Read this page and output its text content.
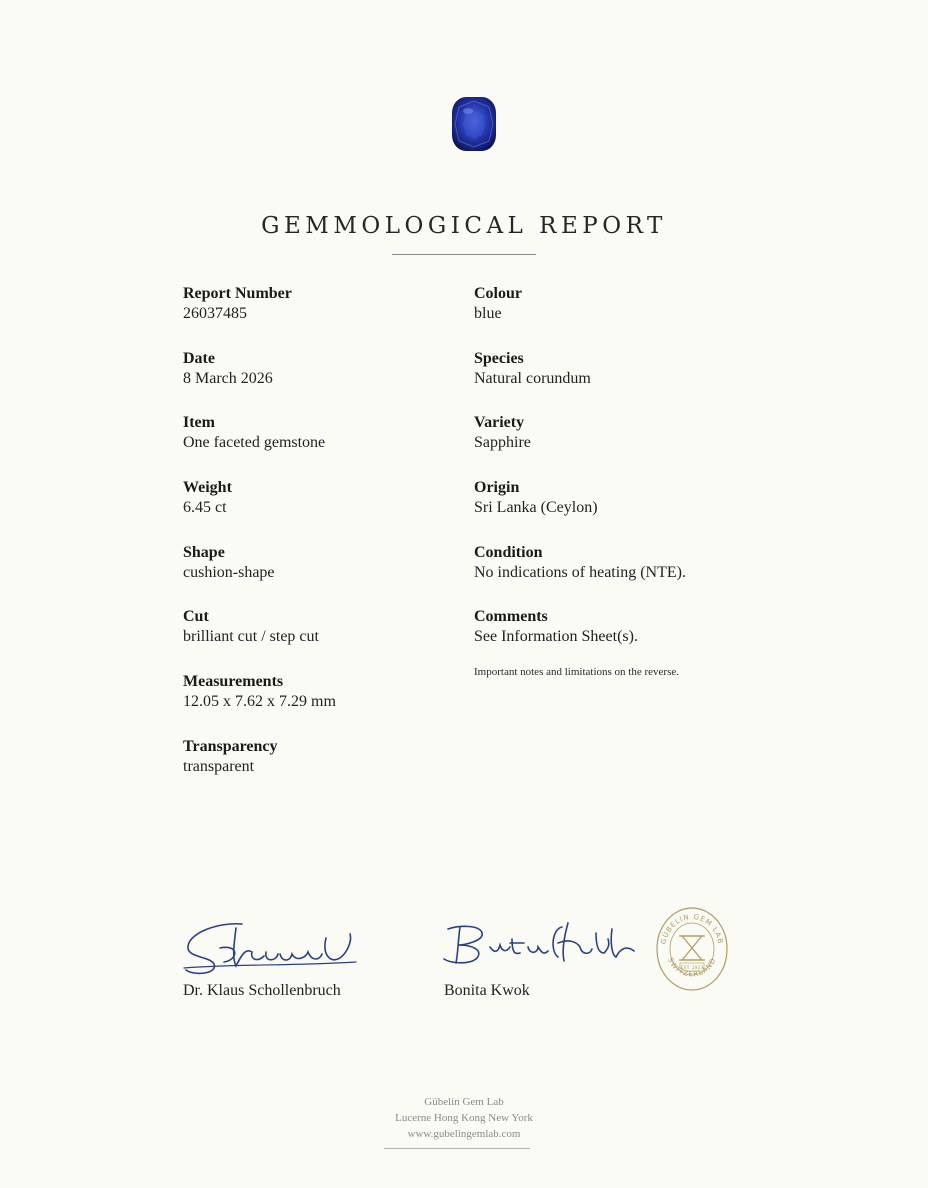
GEMMOLOGICAL REPORT
Report Number
26037485
Date
8 March 2026
Item
One faceted gemstone
Weight
6.45 ct
Shape
cushion-shape
Cut
brilliant cut / step cut
Measurements
12.05 x 7.62 x 7.29 mm
Transparency
transparent
Colour
blue
Species
Natural corundum
Variety
Sapphire
Origin
Sri Lanka (Ceylon)
Condition
No indications of heating (NTE).
Comments
See Information Sheet(s).
Important notes and limitations on the reverse.
Dr. Klaus Schollenbruch	Bonita Kwok
GÜBELIN GEM LAB
SWITZERLAND
EST. 1923
Gübelin Gem Lab
Lucerne Hong Kong New York
www.gubelingemlab.com
